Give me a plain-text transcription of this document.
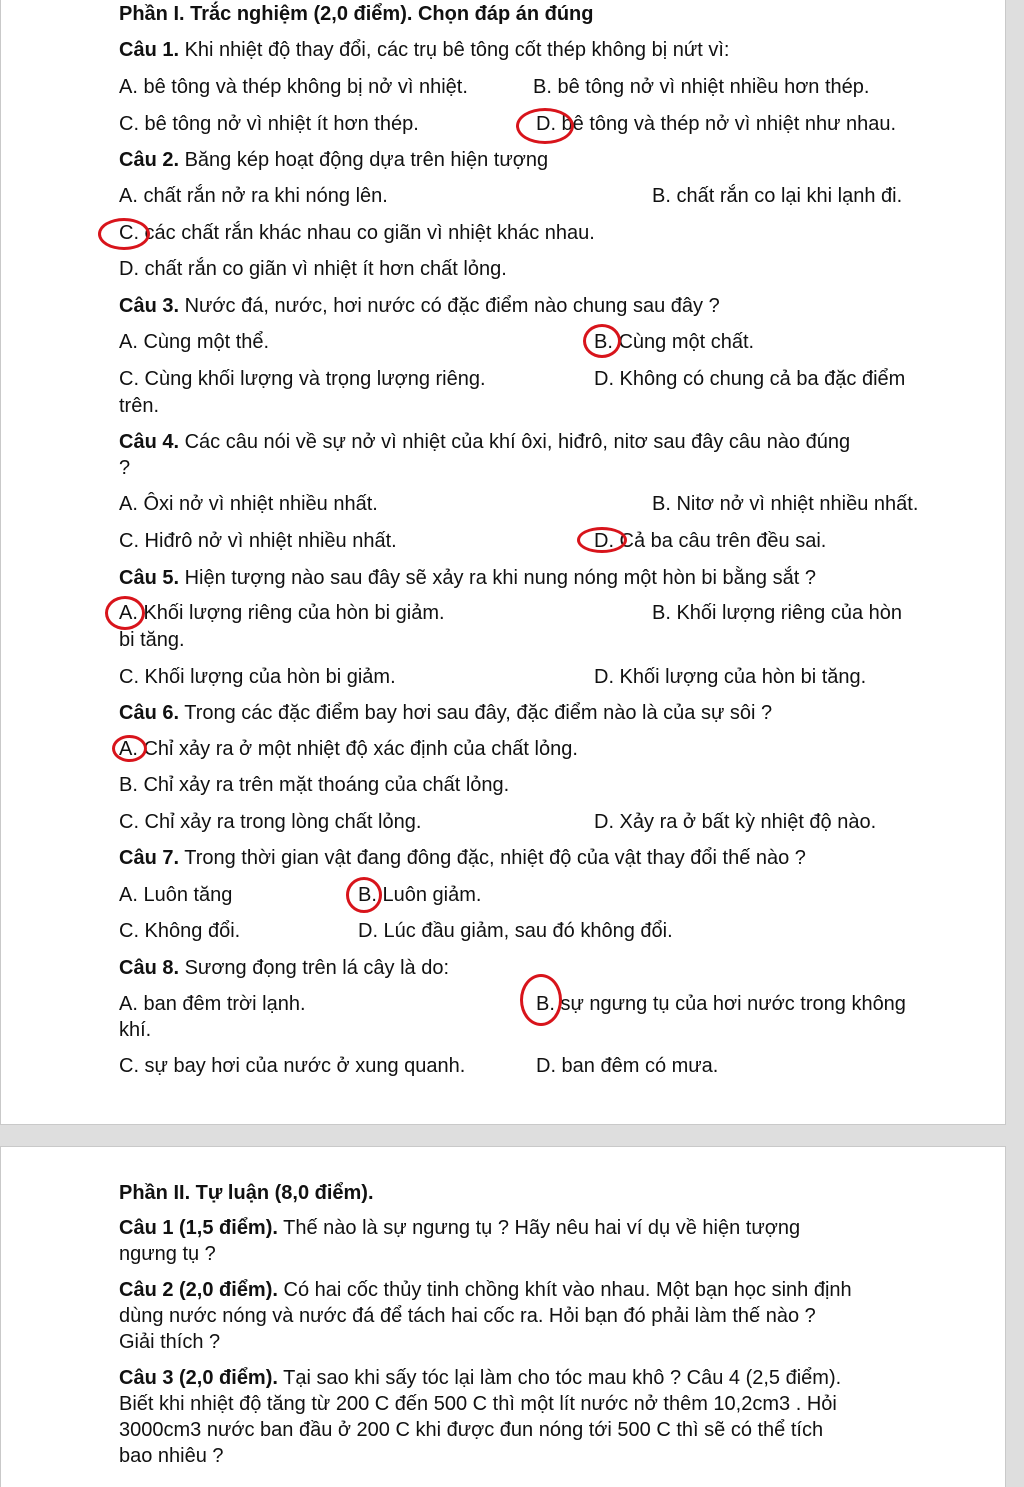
Phần I. Trắc nghiệm (2,0 điểm). Chọn đáp án đúng
Câu 1. Khi nhiệt độ thay đổi, các trụ bê tông cốt thép không bị nứt vì:
A. bê tông và thép không bị nở vì nhiệt.	B. bê tông nở vì nhiệt nhiều hơn thép.
C. bê tông nở vì nhiệt ít hơn thép.	D. bê tông và thép nở vì nhiệt như nhau.
Câu 2. Băng kép hoạt động dựa trên hiện tượng
A. chất rắn nở ra khi nóng lên.	B. chất rắn co lại khi lạnh đi.
C. các chất rắn khác nhau co giãn vì nhiệt khác nhau.
D. chất rắn co giãn vì nhiệt ít hơn chất lỏng.
Câu 3. Nước đá, nước, hơi nước có đặc điểm nào chung sau đây ?
A. Cùng một thể.	B. Cùng một chất.
C. Cùng khối lượng và trọng lượng riêng.	D. Không có chung cả ba đặc điểm
trên.
Câu 4. Các câu nói về sự nở vì nhiệt của khí ôxi, hiđrô, nitơ sau đây câu nào đúng
?
A. Ôxi nở vì nhiệt nhiều nhất.	B. Nitơ nở vì nhiệt nhiều nhất.
C. Hiđrô nở vì nhiệt nhiều nhất.	D. Cả ba câu trên đều sai.
Câu 5. Hiện tượng nào sau đây sẽ xảy ra khi nung nóng một hòn bi bằng sắt ?
A. Khối lượng riêng của hòn bi giảm.	B. Khối lượng riêng của hòn
bi tăng.
C. Khối lượng của hòn bi giảm.	D. Khối lượng của hòn bi tăng.
Câu 6. Trong các đặc điểm bay hơi sau đây, đặc điểm nào là của sự sôi ?
A. Chỉ xảy ra ở một nhiệt độ xác định của chất lỏng.
B. Chỉ xảy ra trên mặt thoáng của chất lỏng.
C. Chỉ xảy ra trong lòng chất lỏng.	D. Xảy ra ở bất kỳ nhiệt độ nào.
Câu 7. Trong thời gian vật đang đông đặc, nhiệt độ của vật thay đổi thế nào ?
A. Luôn tăng	B. Luôn giảm.
C. Không đổi.	D. Lúc đầu giảm, sau đó không đổi.
Câu 8. Sương đọng trên lá cây là do:
A. ban đêm trời lạnh.	B. sự ngưng tụ của hơi nước trong không
khí.
C. sự bay hơi của nước ở xung quanh.	D. ban đêm có mưa.
Phần II. Tự luận (8,0 điểm).
Câu 1 (1,5 điểm). Thế nào là sự ngưng tụ ? Hãy nêu hai ví dụ về hiện tượng
ngưng tụ ?
Câu 2 (2,0 điểm). Có hai cốc thủy tinh chồng khít vào nhau. Một bạn học sinh định
dùng nước nóng và nước đá để tách hai cốc ra. Hỏi bạn đó phải làm thế nào ?
Giải thích ?
Câu 3 (2,0 điểm). Tại sao khi sấy tóc lại làm cho tóc mau khô ? Câu 4 (2,5 điểm).
Biết khi nhiệt độ tăng từ 200 C đến 500 C thì một lít nước nở thêm 10,2cm3 . Hỏi
3000cm3 nước ban đầu ở 200 C khi được đun nóng tới 500 C thì sẽ có thể tích
bao nhiêu ?
